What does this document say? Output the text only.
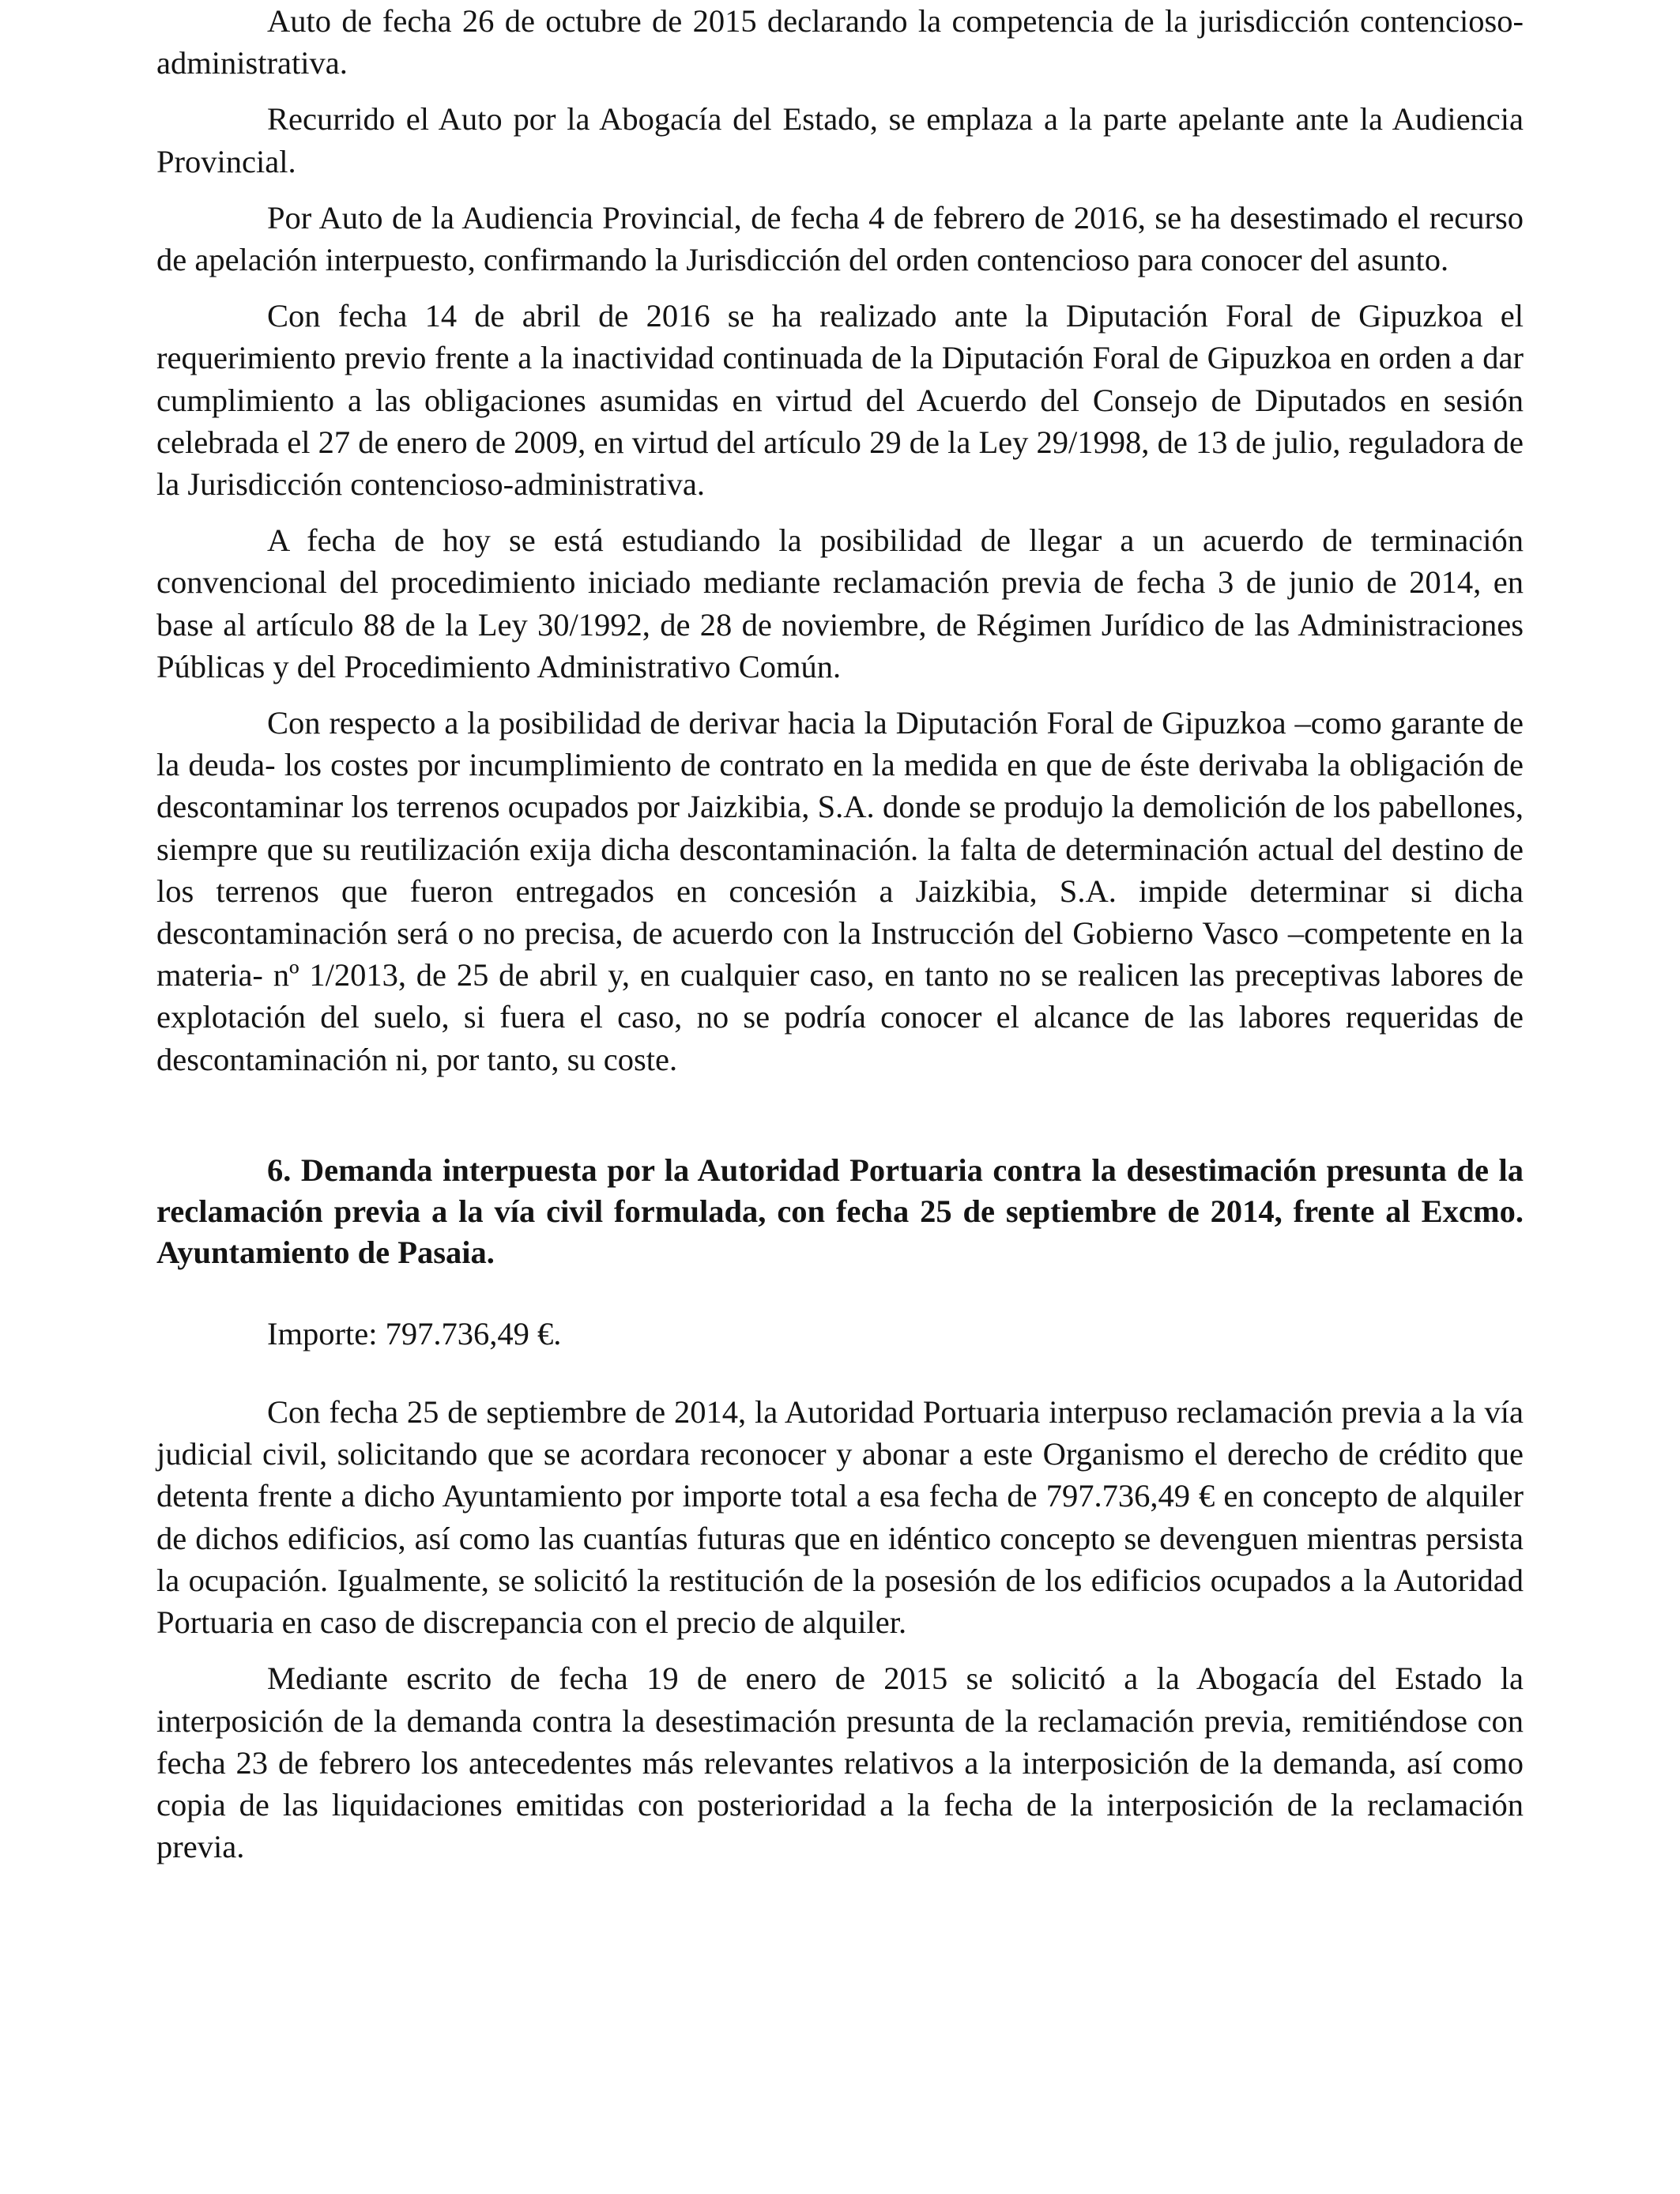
Auto de fecha 26 de octubre de 2015 declarando la competencia de la jurisdicción contencioso-administrativa.

Recurrido el Auto por la Abogacía del Estado, se emplaza a la parte apelante ante la Audiencia Provincial.

Por Auto de la Audiencia Provincial, de fecha 4 de febrero de 2016, se ha desestimado el recurso de apelación interpuesto, confirmando la Jurisdicción del orden contencioso para conocer del asunto.

Con fecha 14 de abril de 2016 se ha realizado ante la Diputación Foral de Gipuzkoa el requerimiento previo frente a la inactividad continuada de la Diputación Foral de Gipuzkoa en orden a dar cumplimiento a las obligaciones asumidas en virtud del Acuerdo del Consejo de Diputados en sesión celebrada el 27 de enero de 2009, en virtud del artículo 29 de la Ley 29/1998, de 13 de julio, reguladora de la Jurisdicción contencioso-administrativa.

A fecha de hoy se está estudiando la posibilidad de llegar a un acuerdo de terminación convencional del procedimiento iniciado mediante reclamación previa de fecha 3 de junio de 2014, en base al artículo 88 de la Ley 30/1992, de 28 de noviembre, de Régimen Jurídico de las Administraciones Públicas y del Procedimiento Administrativo Común.

Con respecto a la posibilidad de derivar hacia la Diputación Foral de Gipuzkoa –como garante de la deuda- los costes por incumplimiento de contrato en la medida en que de éste derivaba la obligación de descontaminar los terrenos ocupados por Jaizkibia, S.A. donde se produjo la demolición de los pabellones, siempre que su reutilización exija dicha descontaminación. la falta de determinación actual del destino de los terrenos que fueron entregados en concesión a Jaizkibia, S.A. impide determinar si dicha descontaminación será o no precisa, de acuerdo con la Instrucción del Gobierno Vasco –competente en la materia- nº 1/2013, de 25 de abril y, en cualquier caso, en tanto no se realicen las preceptivas labores de explotación del suelo, si fuera el caso, no se podría conocer el alcance de las labores requeridas de descontaminación ni, por tanto, su coste.

6. Demanda interpuesta por la Autoridad Portuaria contra la desestimación presunta de la reclamación previa a la vía civil formulada, con fecha 25 de septiembre de 2014, frente al Excmo. Ayuntamiento de Pasaia.

Importe: 797.736,49 €.

Con fecha 25 de septiembre de 2014, la Autoridad Portuaria interpuso reclamación previa a la vía judicial civil, solicitando que se acordara reconocer y abonar a este Organismo el derecho de crédito que detenta frente a dicho Ayuntamiento por importe total a esa fecha de 797.736,49 € en concepto de alquiler de dichos edificios, así como las cuantías futuras que en idéntico concepto se devenguen mientras persista la ocupación. Igualmente, se solicitó la restitución de la posesión de los edificios ocupados a la Autoridad Portuaria en caso de discrepancia con el precio de alquiler.

Mediante escrito de fecha 19 de enero de 2015 se solicitó a la Abogacía del Estado la interposición de la demanda contra la desestimación presunta de la reclamación previa, remitiéndose con fecha 23 de febrero los antecedentes más relevantes relativos a la interposición de la demanda, así como copia de las liquidaciones emitidas con posterioridad a la fecha de la interposición de la reclamación previa.
